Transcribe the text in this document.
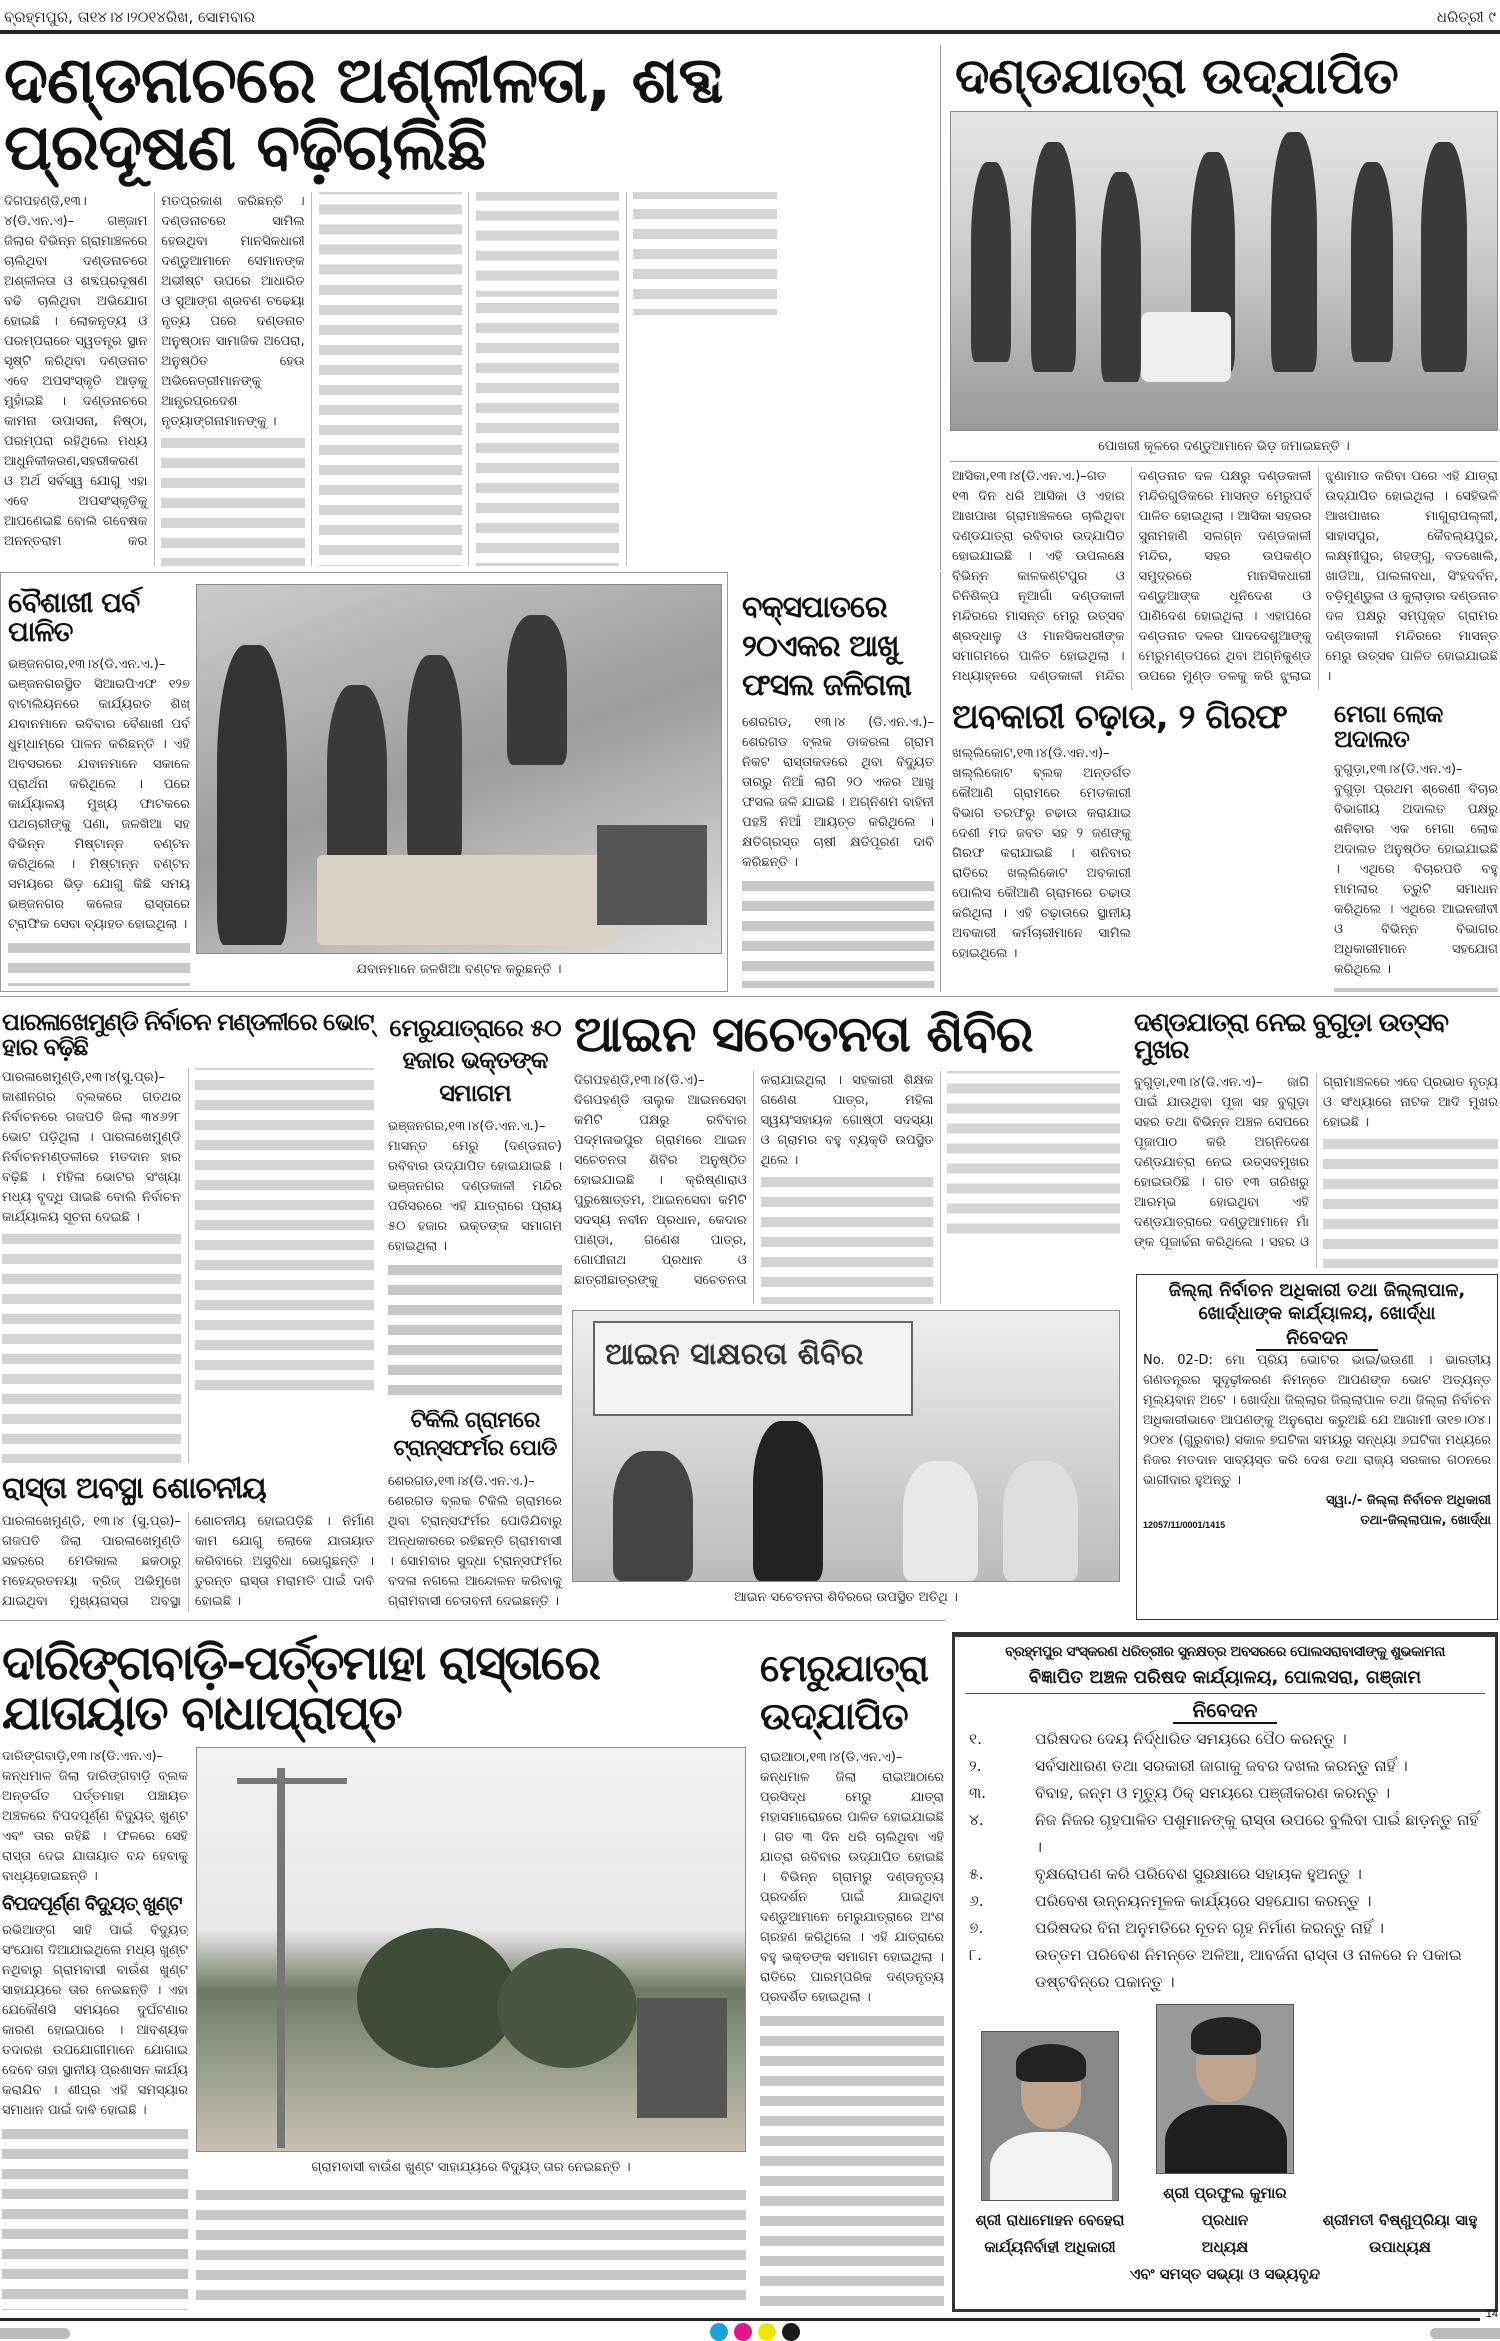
ବ୍ରହ୍ମପୁର, ତା୧୪।୪।୨୦୧୪ରିଖ, ସୋମବାର	ଧରିତ୍ରୀ ୯
ଦଣ୍ଡନାଚରେ ଅଶ୍ଳୀଳତା, ଶବ୍ଦ ପ୍ରଦୂଷଣ ବଢ଼ିଚାଲିଛି
ଦିଗପହଣ୍ଡି,୧୩।୪(ଡି.ଏନ.ଏ)– ଗଞ୍ଜାମ ଜିଲାର ବିଭିନ୍ନ ଗ୍ରାମାଞ୍ଚଳରେ ଚାଲିଥିବା ଦଣ୍ଡନାଚରେ ଅଶ୍ଳୀଳତା ଓ ଶବ୍ଦପ୍ରଦୂଷଣ ବଢି ଚାଲିଥିବା ଅଭିଯୋଗ ହୋଇଛି । ଲୋକନୃତ୍ୟ ଓ ପରମ୍ପରାରେ ସ୍ୱତନ୍ତ୍ର ସ୍ଥାନ ସୃଷ୍ଟି କରିଥିବା ଦଣ୍ଡନାଚ ଏବେ ଅପସଂସ୍କୃତି ଆଡ଼କୁ ମୁହାଁଇଛି । ଦଣ୍ଡନାଚରେ କାମନା ଉପାସନା, ନିଷ୍ଠା, ପରମ୍ପରା ରହିଥିଲେ ମଧ୍ୟ ଆଧୁନିକୀକରଣ,ସହରୀକରଣ ଓ ଅର୍ଥ ସର୍ବସ୍ୱ ଯୋଗୁ ଏହା ଏବେ ଅପସଂସ୍କୃତିକୁ ଆପଣେଇଛି ବୋଲି ଗବେଷକ ଅନନ୍ତରାମ କର ମତପ୍ରକାଶ କରିଛନ୍ତି । ଦଣ୍ଡନାଚରେ ସାମିଲ ହେଉଥିବା ମାନସିକଧାରୀ ଦଣ୍ଡୁଆମାନେ ସେମାନଙ୍କ ଅଭୀଷ୍ଟ ଉପରେ ଆଧାରିତ ଓ ସୁଆଙ୍ଗ ଶ୍ରବଣ ଚଢେୟା ନୃତ୍ୟ ପରେ ଦଣ୍ଡନାଚ ଅନୁଷ୍ଠାନ ସାମାଜିକ ଅପେରା, ଅନୁଷ୍ଠିତ ହେଉ ଅଭିନେତ୍ରୀମାନଙ୍କୁ ଆନ୍ଧ୍ରପ୍ରଦେଶ ନୃତ୍ୟାଙ୍ଗନାମାନଙ୍କୁ ।
ଦଣ୍ଡଯାତ୍ରା ଉଦ୍‌ଯାପିତ
ପୋଖରୀ କୂଳରେ ଦଣ୍ଡୁଆମାନେ ଭିଡ଼ ଜମାଇଛନ୍ତି ।
ଆସିକା,୧୩।୪(ଡି.ଏନ.ଏ.)–ଗତ ୧୩ ଦିନ ଧରି ଆସିକା ଓ ଏହାର ଆଖପାଖ ଗ୍ରାମାଞ୍ଚଳରେ ଚାଲିଥିବା ଦଣ୍ଡଯାତ୍ରା ରବିବାର ଉଦ୍‌ଯାପିତ ହୋଇଯାଇଛି । ଏହି ଉପଲକ୍ଷେ ବିଭିନ୍ନ କାଳକଣ୍ଟପୁର ଓ ଚିନିଶିଳ୍ପ ନୂଆଗାଁ ଦଣ୍ଡକାଳୀ ମନ୍ଦିରରେ ମାସନ୍ତ ମେରୁ ଉତ୍ସବ ଶ୍ରଦ୍ଧାଳୁ ଓ ମାନସିକଧରୀଙ୍କ ସମାଗମରେ ପାଳିତ ହୋଇଥିଲା । ମଧ୍ୟାହ୍ନରେ ଦଣ୍ଡକାଳୀ ମନ୍ଦିର ଦଣ୍ଡନାଚ ଦଳ ପକ୍ଷରୁ ଦଣ୍ଡକାଳୀ ମନ୍ଦିରଗୁଡିକରେ ମାସନ୍ତ ମେରୁପର୍ବ ପାଳିତ ହୋଇଥିଲା । ଆସିକା ସହରର ସୁନାମହାଣି ସଲଗ୍ନ ଦଣ୍ଡକାଳୀ ମନ୍ଦିର, ସହର ଉପକଣ୍ଠ ସମୁଦ୍ରରେ ମାନସିକଧାରୀ ଦଣ୍ଡୁଆଙ୍କ ଧୂନିଦେଶ ଓ ପାଣିଦେଶ ହୋଇଥିଲା । ଏହାପରେ ଦଣ୍ଡନାଚ ଦଳର ପାଦଦେଶୁଆଙ୍କୁ ମେରୁମଣ୍ଡପରେ ଥିବା ଅଗ୍ନିକୁଣ୍ଡ ଉପରେ ମୁଣ୍ଡ ତଳକୁ କରି ଝୁଲାଇ ଝୁଣାମାଡ କରିବା ପରେ ଏହି ଯାତ୍ରା ଉଦ୍‌ଯାପିତ ହୋଇଥିଲା । ସେହିଭଳି ଆଖପାଖର ମାଗୁରାପଲ୍ଲୀ, ସାହାସପୁର, କୈବଲ୍ୟପୁର, ଲକ୍ଷ୍ମୀପୁର, ଗହଙ୍ଗୁ, ବଡଖୋଲି, ଖାଡିଆ, ପାଲଳାବଧା, ସିଂହଦର୍ବନ, ବଡ଼ିମୁଣ୍ଡୁଳା ଓ କୁଲାଡ଼ାର ଦଣ୍ଡନାଚ ଦଳ ପକ୍ଷରୁ ସମ୍ପୃକ୍ତ ଗ୍ରାମର ଦଣ୍ଡକାଳୀ ମନ୍ଦିରରେ ମାସନ୍ତ ମେରୁ ଉତ୍ସବ ପାଳିତ ହୋଇଯାଇଛି ।
ବୈଶାଖୀ ପର୍ବ ପାଳିତ
ଭଞ୍ଜନଗର,୧୩।୪(ଡି.ଏନ.ଏ.)– ଭଞ୍ଜନଗରସ୍ଥିତ ସିଆରପିଏଫ ୧୨୭ ବାଟାଲିୟନରେ କାର୍ଯ୍ୟରତ ଶିଖ୍ ଯବାନମାନେ ରବିବାର ବୈଶାଖୀ ପର୍ବ ଧୁମ୍‌ଧାମ୍‌ରେ ପାଳନ କରିଛନ୍ତି । ଏହି ଅବସରରେ ଯବାନମାନେ ସକାଳେ ପ୍ରାର୍ଥନା କରିଥିଲେ । ପରେ କାର୍ଯ୍ୟାଳୟ ମୁଖ୍ୟ ଫାଟକରେ ପଥଚାରୀଙ୍କୁ ପଣା, ଜଳଖିଆ ସହ ବିଭିନ୍ନ ମିଷ୍ଟାନ୍ନ ବଣ୍ଟନ କରିଥିଲେ । ମିଷ୍ଟାନ୍ନ ବଣ୍ଟନ ସମୟରେ ଭିଡ଼ ଯୋଗୁ କିଛି ସମୟ ଭଞ୍ଜନଗର କଲେଜ ରାସ୍ତାରେ ଟ୍ରାଫିକ ସେବା ବ୍ୟାହତ ହୋଇଥିଲା ।
ଯବାନମାନେ ଜଳଖିଆ ବଣ୍ଟନ କରୁଛନ୍ତି ।
ବକ୍ସପାତରେ ୨୦ଏକର ଆଖୁ ଫସଲ ଜଳିଗଲା
ଶେରଗଡ, ୧୩।୪ (ଡି.ଏନ.ଏ.)–ଶେରଗଡ ବ୍ଲକ ଡାକରଳା ଗ୍ରାମ ନିକଟ ରାସ୍ତାକଡରେ ଥିବା ବିଦ୍ୟୁତ ତାରରୁ ନିଆଁ ଲାଗି ୨୦ ଏକର ଆଖୁ ଫସଲ ଜଳି ଯାଇଛି । ଅଗ୍ନିଶମ ବାହିନୀ ପହଞ୍ଚି ନିଆଁ ଆୟତ୍ତ କରିଥିଲେ । କ୍ଷତିଗ୍ରସ୍ତ ଚାଷୀ କ୍ଷତିପୂରଣ ଦାବି କରିଛନ୍ତି ।
ଅବକାରୀ ଚଢ଼ାଉ, ୨ ଗିରଫ
ଖଲ୍ଲିକୋଟ,୧୩।୪(ଡି.ଏନ.ଏ)– ଖଲ୍ଲିକୋଟ ବ୍ଲକ ଅନ୍ତର୍ଗତ କୌଆଣି ଗ୍ରାମରେ ମେଡକାରୀ ବିଭାଗ ତରଫରୁ ଚଢାଉ କରାଯାଇ ଦେଶୀ ମଦ ଜବତ ସହ ୨ ଜଣଙ୍କୁ ଗିରଫ କରାଯାଇଛି । ଶନିବାର ରାତିରେ ଖଲ୍ଲିକୋଟ ଅବକାରୀ ପୋଲିସ କୌଆଣି ଗ୍ରାମରେ ଚଢାଉ କରିଥିଲା । ଏହି ଚଢ଼ାଉରେ ସ୍ଥାନୀୟ ଅବକାରୀ କର୍ମଚାରୀମାନେ ସାମିଲ ହୋଇଥିଲେ ।
ମେଗା ଲୋକ ଅଦାଲତ
ବୁଗୁଡ଼ା,୧୩।୪(ଡି.ଏନ.ଏ)– ବୁଗୁଡ଼ା ପ୍ରଥମ ଶ୍ରେଣୀ ବିଚାର ବିଭାଗୀୟ ଅଦାଲତ ପକ୍ଷରୁ ଶନିବାର ଏକ ମେଗା ଲୋକ ଅଦାଲତ ଅନୁଷ୍ଠିତ ହୋଇଯାଇଛି । ଏଥିରେ ବିଚାରପତି ବହୁ ମାମଲାର ତ୍ରୁଟି ସମାଧାନ କରିଥିଲେ । ଏଥିରେ ଆଇନଜୀବୀ ଓ ବିଭିନ୍ନ ବିଭାଗର ଅଧିକାରୀମାନେ ସହଯୋଗ କରିଥିଲେ ।
ପାରଳାଖେମୁଣ୍ଡି ନିର୍ବାଚନ ମଣ୍ଡଳୀରେ ଭୋଟ୍ ହାର ବଢ଼ିଛି
ପାରଳାଖେମୁଣ୍ଡି,୧୩।୪(ସୁ.ପ୍ର)– କାଶୀନଗର ବ୍ଲକରେ ଗତଥର ନିର୍ବାଚନରେ ଗଜପତି ଜିଲା ୩୪୬୨୮ ଭୋଟ ପଡ଼ିଥିଲା । ପାରଳାଖେମୁଣ୍ଡି ନିର୍ବାଚନମଣ୍ଡଳୀରେ ମତଦାନ ହାର ବଢ଼ିଛି । ମହିଳା ଭୋଟର ସଂଖ୍ୟା ମଧ୍ୟ ବୃଦ୍ଧି ପାଇଛି ବୋଲି ନିର୍ବାଚନ କାର୍ଯ୍ୟାଳୟ ସୂଚନା ଦେଇଛି ।
ରାସ୍ତା ଅବସ୍ଥା ଶୋଚନୀୟ
ପାରଳାଖେମୁଣ୍ଡି, ୧୩।୪ (ସୁ.ପ୍ର)–ଗଜପତି ଜିଲା ପାରଳାଖେମୁଣ୍ଡି ସହରରେ ମେଡିକାଲ ଛକଠାରୁ ମହେନ୍ଦ୍ରତନୟା ବ୍ରିଜ୍ ଅଭିମୁଖେ ଯାଇଥିବା ମୁଖ୍ୟରାସ୍ତା ଅବସ୍ଥା ଶୋଚନୀୟ ହୋଇପଡ଼ିଛି । ନିର୍ମାଣ କାମ ଯୋଗୁ ଲୋକେ ଯାତାୟାତ କରିବାରେ ଅସୁବିଧା ଭୋଗୁଛନ୍ତି । ତୁରନ୍ତ ରାସ୍ତା ମରାମତି ପାଇଁ ଦାବି ହୋଇଛି ।
ମେରୁଯାତ୍ରାରେ ୫୦ ହଜାର ଭକ୍ତଙ୍କ ସମାଗମ
ଭଞ୍ଜନଗର,୧୩।୪(ଡି.ଏନ.ଏ.)– ମାସନ୍ତ ମେରୁ (ଦଣ୍ଡନାଚ) ରବିବାର ଉଦ୍‌ଯାପିତ ହୋଇଯାଇଛି । ଭଞ୍ଜନଗର ଦଣ୍ଡକାଳୀ ମନ୍ଦିର ପରିସରରେ ଏହି ଯାତ୍ରାରେ ପ୍ରାୟ ୫୦ ହଜାର ଭକ୍ତଙ୍କ ସମାଗମ ହୋଇଥିଲା ।
ଟିକିଲି ଗ୍ରାମରେ ଟ୍ରାନ୍ସଫର୍ମର ପୋଡି
ଶେରଗଡ,୧୩।୪(ଡି.ଏନ.ଏ.)– ଶେରଗଡ ବ୍ଲକ ଟିକିଲି ଗ୍ରାମରେ ଥିବା ଟ୍ରାନ୍ସଫର୍ମର ପୋଡିଯିବାରୁ ଅନ୍ଧକାରରେ ରହିଛନ୍ତି ଗ୍ରାମବାସୀ । ସୋମବାର ସୁଦ୍ଧା ଟ୍ରାନ୍ସଫର୍ମର ବଦଳା ନଗଲେ ଆନ୍ଦୋଳନ କରିବାକୁ ଗ୍ରାମବାସୀ ଚେତାବନୀ ଦେଇଛନ୍ତି ।
ଆଇନ ସଚେତନତା ଶିବିର
ଦିଗପହଣ୍ଡି,୧୩।୪(ଡି.ଏ)– ଦିଗପହଣ୍ଡି ତାଲୁକ ଆଇନସେବା କମିଟି ପକ୍ଷରୁ ରବିବାର ପଦ୍ମନାଭପୁର ଗ୍ରାମରେ ଆଇନ ସଚେତନତା ଶିବିର ଅନୁଷ୍ଠିତ ହୋଇଯାଇଛି । କ୍ରିଷ୍ଣାରାଓ ପୁରୁଷୋତ୍ତମ, ଆଇନସେବା କମିଟି ସଦସ୍ୟ ନବୀନ ପ୍ରଧାନ, କେଦାର ପାଣ୍ଡା, ଗଣେଶ ପାତ୍ର, ଗୋପୀନାଥ ପ୍ରଧାନ ଓ ଛାତ୍ରୀଛାତ୍ରଙ୍କୁ ସଚେତନତା କରାଯାଇଥିଲା । ସହକାରୀ ଶିକ୍ଷକ ଗଣେଶ ପାତ୍ର, ମହିଳା ସ୍ୱୟଂସହାୟକ ଗୋଷ୍ଠୀ ସଦସ୍ୟା ଓ ଗ୍ରାମର ବହୁ ବ୍ୟକ୍ତି ଉପସ୍ଥିତ ଥିଲେ ।
ଆଇନ ସାକ୍ଷରତା ଶିବିର
ଆଇନ ସଚେତନତା ଶିବିରରେ ଉପସ୍ଥିତ ଅତିଥି ।
ଦଣ୍ଡଯାତ୍ରା ନେଇ ବୁଗୁଡ଼ା ଉତ୍ସବ ମୁଖର
ବୁଗୁଡ଼ା,୧୩।୪(ଡି.ଏନ.ଏ)– ଜାଗି ପାଇଁ ଯାଉଥିବା ପୂଜା ସହ ବୁଗୁଡ଼ା ସହର ତଥା ବିଭିନ୍ନ ଅଞ୍ଚଳ ସେପରେ ପୂଜାପାଠ କରି ଅଗ୍ନିଦେଶ ଦଣ୍ଡଯାତ୍ରା ନେଇ ଉତ୍ସବମୁଖର ହୋଇଉଠିଛି । ଗତ ୧୩ ତାରିଖରୁ ଆରମ୍ଭ ହୋଇଥିବା ଏହି ଦଣ୍ଡଯାତ୍ରାରେ ଦଣ୍ଡୁଆମାନେ ମାଁ ଙ୍କ ପୂଜାର୍ଚ୍ଚନା କରିଥିଲେ । ସହର ଓ ଗ୍ରାମାଞ୍ଚଳରେ ଏବେ ପ୍ରଭାତ ନୃତ୍ୟ ଓ ସଂଧ୍ୟାରେ ନାଟକ ଆଦି ମୁଖର ହୋଇଛି ।
ଜିଲ୍ଲା ନିର୍ବାଚନ ଅଧିକାରୀ ତଥା ଜିଲ୍ଲାପାଳ,
ଖୋର୍ଦ୍ଧାଙ୍କ କାର୍ଯ୍ୟାଳୟ, ଖୋର୍ଦ୍ଧା
ନିବେଦନ
No. 02-D: ମୋ ପ୍ରିୟ ଭୋଟର ଭାଇ/ଭଉଣୀ । ଭାରତୀୟ ଗଣତନ୍ତ୍ରର ସୁଦୃଢ଼ୀକରଣ ନିମନ୍ତେ ଆପଣଙ୍କ ଭୋଟ ଅତ୍ୟନ୍ତ ମୂଲ୍ୟବାନ ଅଟେ । ଖୋର୍ଦ୍ଧା ଜିଲ୍ଲାର ଜିଲ୍ଲାପାଳ ତଥା ଜିଲ୍ଲା ନିର୍ବାଚନ ଅଧିକାରୀଭାବେ ଆପଣଙ୍କୁ ଅନୁରୋଧ କରୁଅଛି ଯେ ଆଗାମୀ ତା୧୭।୦୪।୨୦୧୪ (ଗୁରୁବାର) ସକାଳ ୭ଘଟିକା ସମୟରୁ ସନ୍ଧ୍ୟା ୬ଘଟିକା ମଧ୍ୟରେ ନିଜର ମତଦାନ ସାବ୍ୟସ୍ତ କରି ଦେଶ ତଥା ରାଜ୍ୟ ସରକାର ଗଠନରେ ଭାଗୀଦାର ହୁଅନ୍ତୁ ।
ସ୍ୱା./- ଜିଲ୍ଲା ନିର୍ବାଚନ ଅଧିକାରୀ
12057/11/0001/1415	ତଥା-ଜିଲ୍ଲାପାଳ, ଖୋର୍ଦ୍ଧା
ଦାରିଙ୍ଗବାଡ଼ି-ପର୍ତ୍ତମାହା ରାସ୍ତାରେ ଯାତାୟାତ ବାଧାପ୍ରାପ୍ତ
ଦାରିଙ୍ଗବାଡ଼ି,୧୩।୪(ଡି.ଏନ.ଏ)– କନ୍ଧମାଳ ଜିଲା ଦାରିଙ୍ଗବାଡ଼ି ବ୍ଲକ ଅନ୍ତର୍ଗତ ପର୍ତ୍ତମାହା ପଞ୍ଚାୟତ ଅଞ୍ଚଳରେ ବିପଦପୂର୍ଣ୍ଣ ବିଦ୍ୟୁତ୍ ଖୁଣ୍ଟ ଏବଂ ତାର ରହିଛି । ଫଳରେ ସେହି ରାସ୍ତା ଦେଇ ଯାତାୟାତ ବନ୍ଦ ହେବାକୁ ବାଧ୍ୟହୋଇଛନ୍ତି ।
ବିପଦପୂର୍ଣ୍ଣ ବିଦ୍ୟୁତ୍ ଖୁଣ୍ଟ
ରଭିଆଙ୍ଗ ସାହି ପାଇଁ ବିଦ୍ୟୁତ୍ ସଂଯୋଗ ଦିଆଯାଇଥିଲେ ମଧ୍ୟ ଖୁଣ୍ଟ ନଥିବାରୁ ଗ୍ରାମବାସୀ ବାଉଁଶ ଖୁଣ୍ଟ ସାହାଯ୍ୟରେ ତାର ନେଇଛନ୍ତି । ଏହା ଯେକୌଣସି ସମୟରେ ଦୁର୍ଘଟଣାର କାରଣ ହୋଇପାରେ । ଆବଶ୍ୟକ ତଦାରଖ ଉପଯୋଗୀମାନେ ଯୋଗାଇ ଦେବେ ତାହା ସ୍ଥାନୀୟ ପ୍ରଶାସନ କାର୍ଯ୍ୟ କରାଯିବ । ଶୀଘ୍ର ଏହି ସମସ୍ୟାର ସମାଧାନ ପାଇଁ ଦାବି ହୋଇଛି ।
ଗ୍ରାମବାସୀ ବାଉଁଶ ଖୁଣ୍ଟ ସାହାଯ୍ୟରେ ବିଦ୍ୟୁତ୍ ତାର ନେଇଛନ୍ତି ।
ମେରୁଯାତ୍ରା ଉଦ୍‌ଯାପିତ
ରାଇଆଠା,୧୩।୪(ଡି.ଏନ.ଏ)– କନ୍ଧମାଳ ଜିଲା ରାଇଆଠାରେ ପ୍ରସିଦ୍ଧ ମେରୁ ଯାତ୍ରା ମହାସମାରୋହରେ ପାଳିତ ହୋଇଯାଇଛି । ଗତ ୩ ଦିନ ଧରି ଚାଲିଥିବା ଏହି ଯାତ୍ରା ରବିବାର ଉଦ୍‌ଯାପିତ ହୋଇଛି । ବିଭିନ୍ନ ଗ୍ରାମରୁ ଦଣ୍ଡନୃତ୍ୟ ପ୍ରଦର୍ଶନ ପାଇଁ ଯାଇଥିବା ଦଣ୍ଡୁଆମାନେ ମେରୁଯାତ୍ରାରେ ଅଂଶ ଗ୍ରହଣ କରିଥିଲେ । ଏହି ଯାତ୍ରାରେ ବହୁ ଭକ୍ତଙ୍କ ସମାଗମ ହୋଇଥିଲା । ରାତିରେ ପାରମ୍ପରିକ ଦଣ୍ଡନୃତ୍ୟ ପ୍ରଦର୍ଶିତ ହୋଇଥିଲା ।
ବ୍ରହ୍ମପୁର ସଂସ୍କରଣ ଧରିତ୍ରୀର ସୁନକ୍ଷତ୍ର ଅବସରରେ ପୋଲସରାବାସୀଙ୍କୁ ଶୁଭକାମନା
ବିଜ୍ଞାପିତ ଅଞ୍ଚଳ ପରିଷଦ କାର୍ଯ୍ୟାଳୟ, ପୋଲସରା, ଗଞ୍ଜାମ
ନିବେଦନ
୧.	ପରିଷଦର ଦେୟ ନିର୍ଦ୍ଧାରିତ ସମୟରେ ପୈଠ କରନ୍ତୁ ।
୨.	ସର୍ବସାଧାରଣ ତଥା ସରକାରୀ ଜାଗାକୁ ଜବର ଦଖଲ କରନ୍ତୁ ନାହିଁ ।
୩.	ବିବାହ, ଜନ୍ମ ଓ ମୃତ୍ୟୁ ଠିକ୍ ସମୟରେ ପଞ୍ଜୀକରଣ କରନ୍ତୁ ।
୪.	ନିଜ ନିଜର ଗୃହପାଳିତ ପଶୁମାନଙ୍କୁ ରାସ୍ତା ଉପରେ ବୁଲିବା ପାଇଁ ଛାଡ଼ନ୍ତୁ ନାହିଁ ।
୫.	ବୃକ୍ଷରୋପଣ କରି ପରିବେଶ ସୁରକ୍ଷାରେ ସହାୟକ ହୁଅନ୍ତୁ ।
୬.	ପରିବେଶ ଉନ୍ନୟନମୂଳକ କାର୍ଯ୍ୟରେ ସହଯୋଗ କରନ୍ତୁ ।
୭.	ପରିଷଦର ବିନା ଅନୁମତିରେ ନୂତନ ଗୃହ ନିର୍ମାଣ କରନ୍ତୁ ନାହିଁ ।
୮.	ଉତ୍ତମ ପରିବେଶ ନିମନ୍ତେ ଅଳିଆ, ଆବର୍ଜନା ରାସ୍ତା ଓ ନାଳରେ ନ ପକାଇ ଡଷ୍ଟବିନ୍‌ରେ ପକାନ୍ତୁ ।
ଶ୍ରୀ ରାଧାମୋହନ ବେହେରା
କାର୍ଯ୍ୟନିର୍ବାହୀ ଅଧିକାରୀ
ଶ୍ରୀ ପ୍ରଫୁଲ କୁମାର ପ୍ରଧାନ
ଅଧ୍ୟକ୍ଷ
ଶ୍ରୀମତୀ ବିଷ୍ଣୁପ୍ରିୟା ସାହୁ
ଉପାଧ୍ୟକ୍ଷ
ଏବଂ ସମସ୍ତ ସଭ୍ୟା ଓ ସଭ୍ୟବୃନ୍ଦ
14
